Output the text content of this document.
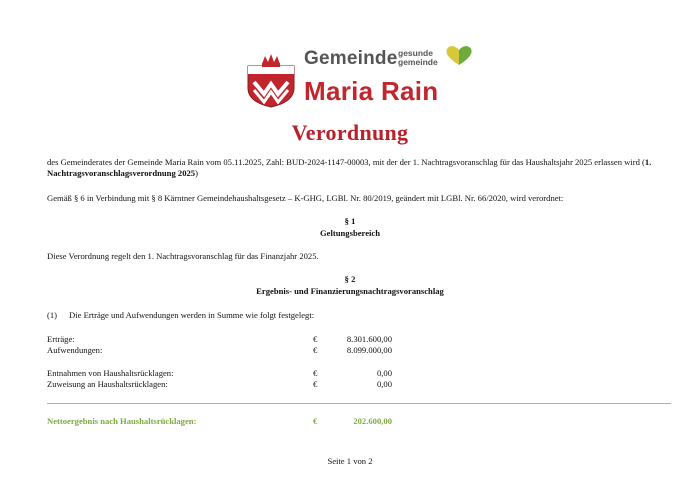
Gemeinde gesunde
gemeinde
Maria Rain
Verordnung
des Gemeinderates der Gemeinde Maria Rain vom 05.11.2025, Zahl: BUD-2024-1147-00003, mit der der 1. Nachtragsvoranschlag für das Haushaltsjahr 2025 erlassen wird (1. Nachtragsvoranschlagsverordnung 2025)
Gemäß § 6 in Verbindung mit § 8 Kärntner Gemeindehaushaltsgesetz – K-GHG, LGBl. Nr. 80/2019, geändert mit LGBl. Nr. 66/2020, wird verordnet:
§ 1
Geltungsbereich
Diese Verordnung regelt den 1. Nachtragsvoranschlag für das Finanzjahr 2025.
§ 2
Ergebnis- und Finanzierungsnachtragsvoranschlag
(1) Die Erträge und Aufwendungen werden in Summe wie folgt festgelegt:
Erträge:	€	8.301.600,00
Aufwendungen:	€	8.099.000,00
Entnahmen von Haushaltsrücklagen:	€	0,00
Zuweisung an Haushaltsrücklagen:	€	0,00
Nettoergebnis nach Haushaltsrücklagen:	€	202.600,00
Seite 1 von 2
